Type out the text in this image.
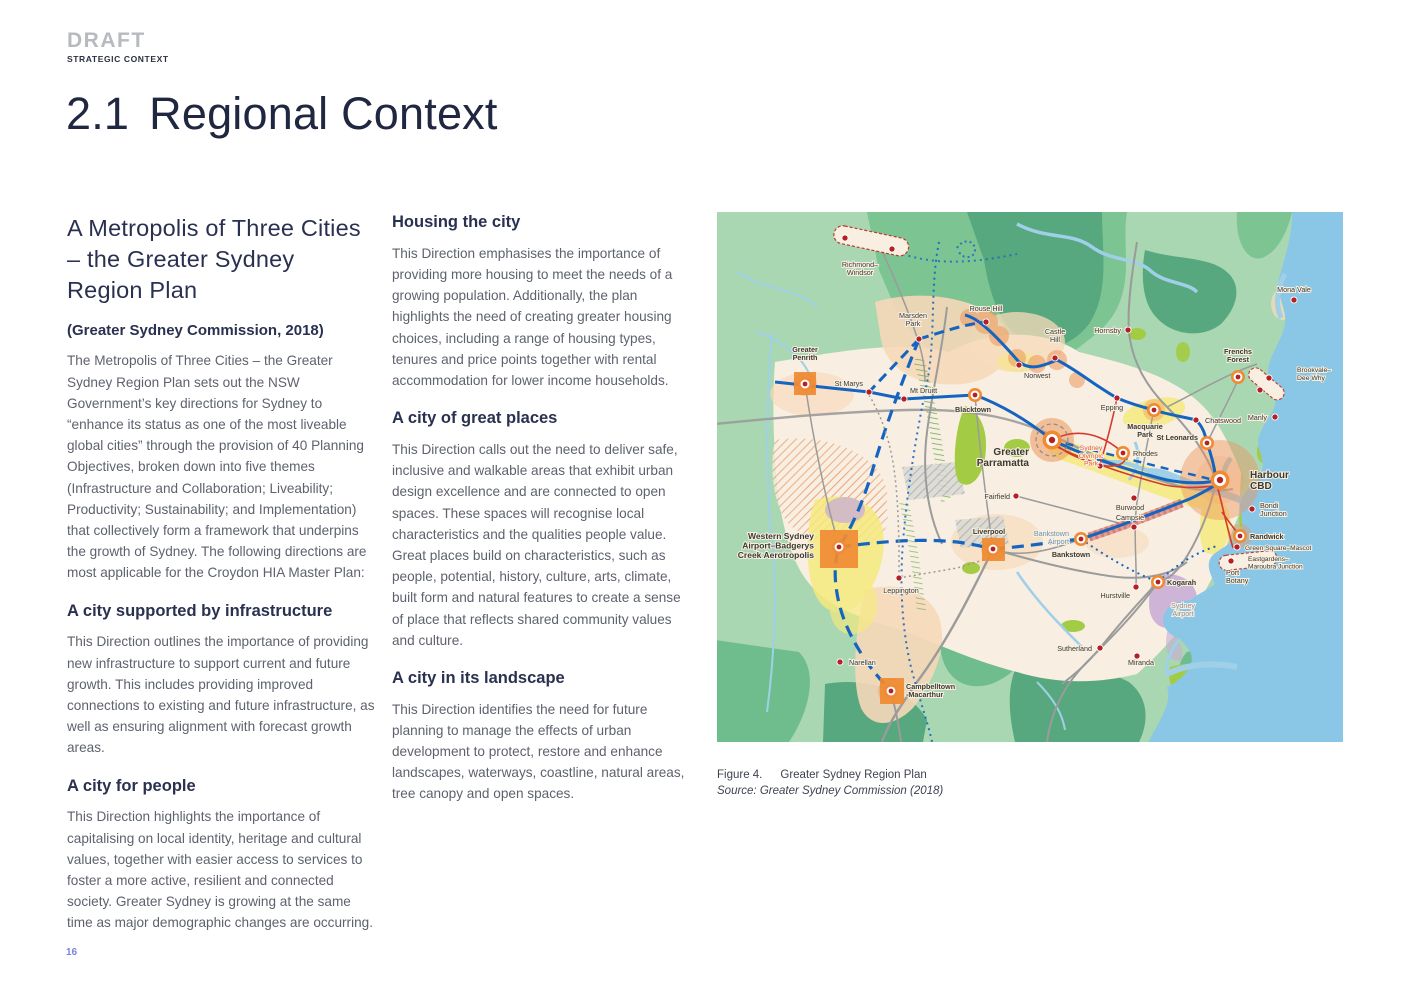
DRAFT
STRATEGIC CONTEXT
2.1 Regional Context
A Metropolis of Three Cities – the Greater Sydney Region Plan
(Greater Sydney Commission, 2018)

The Metropolis of Three Cities – the Greater Sydney Region Plan sets out the NSW Government’s key directions for Sydney to “enhance its status as one of the most liveable global cities” through the provision of 40 Planning Objectives, broken down into five themes (Infrastructure and Collaboration; Liveability; Productivity; Sustainability; and Implementation) that collectively form a framework that underpins the growth of Sydney. The following directions are most applicable for the Croydon HIA Master Plan:

A city supported by infrastructure

This Direction outlines the importance of providing new infrastructure to support current and future growth. This includes providing improved connections to existing and future infrastructure, as well as ensuring alignment with forecast growth areas.

A city for people

This Direction highlights the importance of capitalising on local identity, heritage and cultural values, together with easier access to services to foster a more active, resilient and connected society. Greater Sydney is growing at the same time as major demographic changes are occurring.

Housing the city

This Direction emphasises the importance of providing more housing to meet the needs of a growing population. Additionally, the plan highlights the need of creating greater housing choices, including a range of housing types, tenures and price points together with rental accommodation for lower income households.

A city of great places

This Direction calls out the need to deliver safe, inclusive and walkable areas that exhibit urban design excellence and are connected to open spaces. These spaces will recognise local characteristics and the qualities people value. Great places build on characteristics, such as people, potential, history, culture, arts, climate, built form and natural features to create a sense of place that reflects shared community values and culture.

A city in its landscape

This Direction identifies the need for future planning to manage the effects of urban development to protect, restore and enhance landscapes, waterways, coastline, natural areas, tree canopy and open spaces.

Richmond– Windsor
Rouse Hill
Marsden Park
Castle Hill
Hornsby
Norwest
Mona Vale
Greater Penrith
St Marys
Mt Druitt
Blacktown	Epping
Macquarie Park
Chatswood
Frenchs Forest
Brookvale– Dee Why
Manly
St Leonards
Rhodes
Sydney Olympic Park
Greater Parramatta
Harbour CBD
Bondi Junction
Burwood
Campsie
Fairfield
Liverpool	Bankstown Airport
Bankstown
Randwick
Green Square–Mascot
Eastgardens– Maroubra Junction
Port Botany
Kogarah
Hurstville
Sydney Airport
Sutherland
Miranda
Narellan
Campbelltown -Macarthur
Leppington
Western Sydney Airport–Badgerys Creek Aerotropolis
Figure 4. Greater Sydney Region Plan
Source: Greater Sydney Commission (2018)
16
